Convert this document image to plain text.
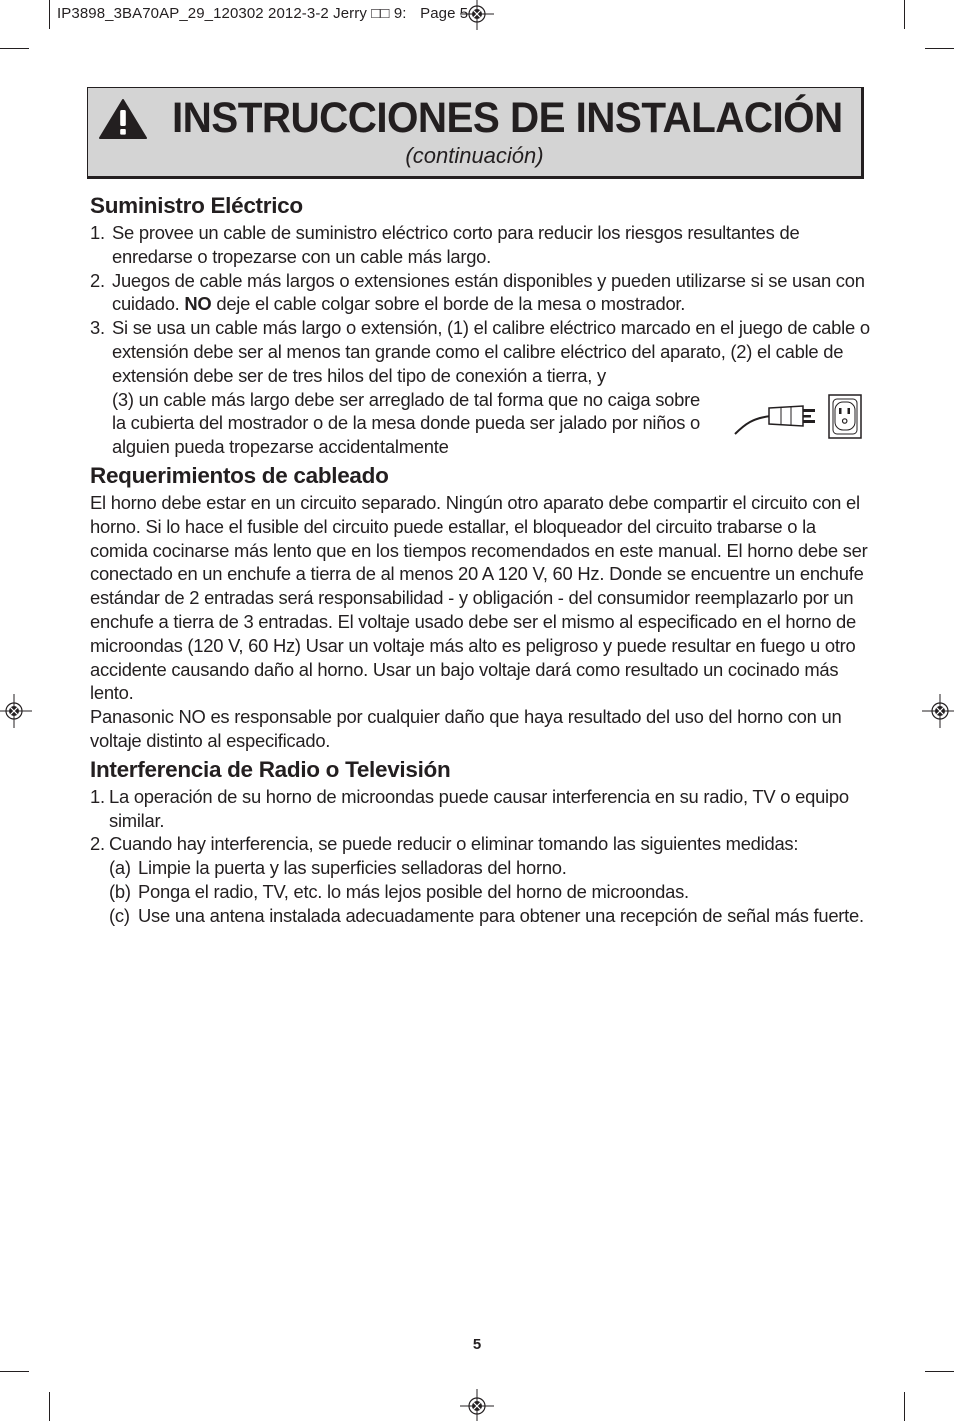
IP3898_3BA70AP_29_120302 2012-3-2 Jerry □□ 9:    Page 5
INSTRUCCIONES DE INSTALACIÓN
(continuación)
Suministro Eléctrico
1. Se provee un cable de suministro eléctrico corto para reducir los riesgos resultantes de enredarse o tropezarse con un cable más largo.
2. Juegos de cable más largos o extensiones están disponibles y pueden utilizarse si se usan con cuidado. NO deje el cable colgar sobre el borde de la mesa o mostrador.
3. Si se usa un cable más largo o extensión, (1) el calibre eléctrico marcado en el juego de cable o extensión debe ser al menos tan grande como el calibre eléctrico del aparato, (2) el cable de extensión debe ser de tres hilos del tipo de conexión a tierra, y
(3) un cable más largo debe ser arreglado de tal forma que no caiga sobre la cubierta del mostrador o de la mesa donde pueda ser jalado por niños o alguien pueda tropezarse accidentalmente
Requerimientos de cableado

El horno debe estar en un circuito separado. Ningún otro aparato debe compartir el circuito con el horno. Si lo hace el fusible del circuito puede estallar, el bloqueador del circuito trabarse o la comida cocinarse más lento que en los tiempos recomendados en este manual. El horno debe ser conectado en un enchufe a tierra de al menos 20 A 120 V, 60 Hz. Donde se encuentre un enchufe estándar de 2 entradas será responsabilidad - y obligación - del consumidor reemplazarlo por un enchufe a tierra de 3 entradas. El voltaje usado debe ser el mismo al especificado en el horno de microondas (120 V, 60 Hz) Usar un voltaje más alto es peligroso y puede resultar en fuego u otro accidente causando daño al horno. Usar un bajo voltaje dará como resultado un cocinado más lento.

Panasonic NO es responsable por cualquier daño que haya resultado del uso del horno con un voltaje distinto al especificado.

Interferencia de Radio o Televisión
1. La operación de su horno de microondas puede causar interferencia en su radio, TV o equipo similar.
2. Cuando hay interferencia, se puede reducir o eliminar tomando las siguientes medidas:
(a) Limpie la puerta y las superficies selladoras del horno.
(b) Ponga el radio, TV, etc. lo más lejos posible del horno de microondas.
(c) Use una antena instalada adecuadamente para obtener una recepción de señal más fuerte.
5
